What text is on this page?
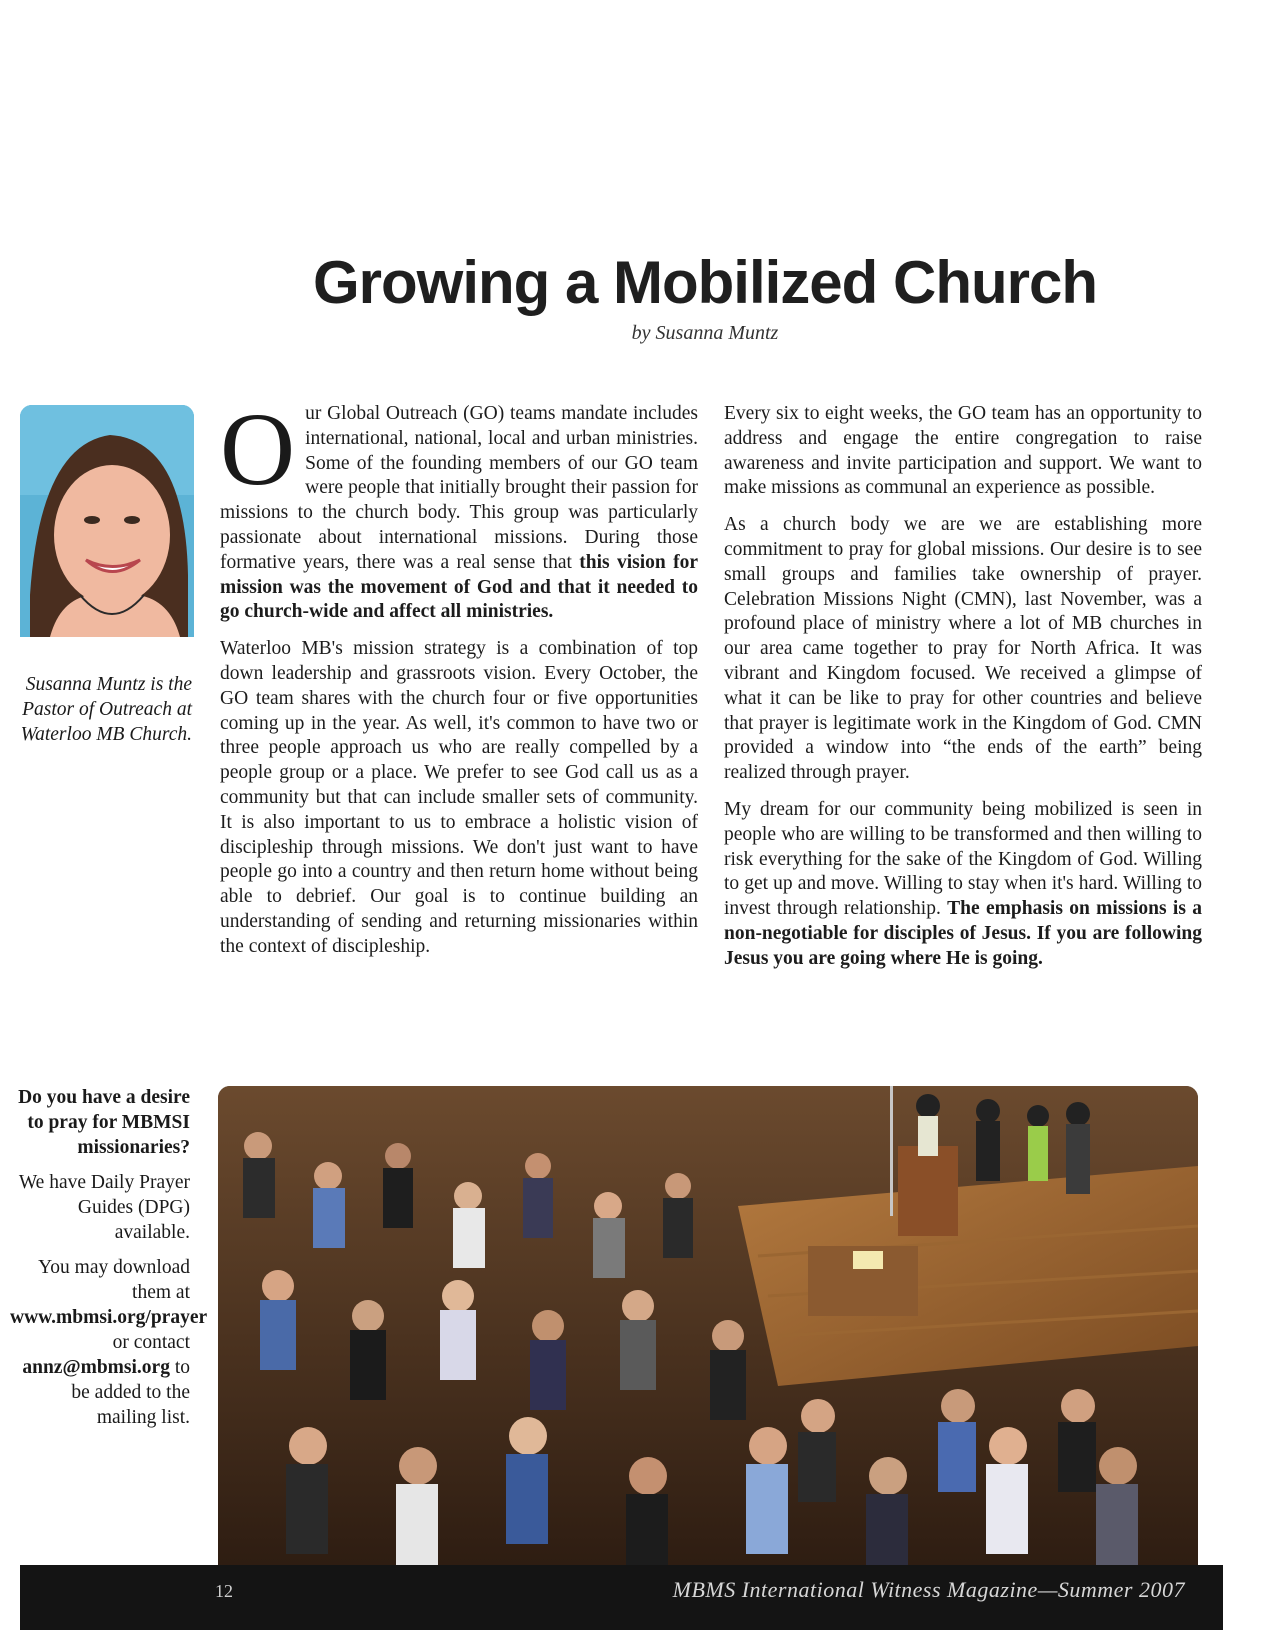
Growing a Mobilized Church
by Susanna Muntz
Susanna Muntz is the Pastor of Outreach at Waterloo MB Church.

Our Global Outreach (GO) teams mandate includes international, national, local and urban ministries. Some of the founding members of our GO team were people that initially brought their passion for missions to the church body. This group was particularly passionate about international missions. During those formative years, there was a real sense that this vision for mission was the movement of God and that it needed to go church-wide and affect all ministries.

Waterloo MB's mission strategy is a combination of top down leadership and grassroots vision. Every October, the GO team shares with the church four or five opportunities coming up in the year. As well, it's common to have two or three people approach us who are really compelled by a people group or a place. We prefer to see God call us as a community but that can include smaller sets of community. It is also important to us to embrace a holistic vision of discipleship through missions. We don't just want to have people go into a country and then return home without being able to debrief. Our goal is to continue building an understanding of sending and returning missionaries within the context of discipleship.

Every six to eight weeks, the GO team has an opportunity to address and engage the entire congregation to raise awareness and invite participation and support. We want to make missions as communal an experience as possible.

As a church body we are we are establishing more commitment to pray for global missions. Our desire is to see small groups and families take ownership of prayer. Celebration Missions Night (CMN), last November, was a profound place of ministry where a lot of MB churches in our area came together to pray for North Africa. It was vibrant and Kingdom focused. We received a glimpse of what it can be like to pray for other countries and believe that prayer is legitimate work in the Kingdom of God. CMN provided a window into “the ends of the earth” being realized through prayer.

My dream for our community being mobilized is seen in people who are willing to be transformed and then willing to risk everything for the sake of the Kingdom of God. Willing to get up and move. Willing to stay when it's hard. Willing to invest through relationship. The emphasis on missions is a non-negotiable for disciples of Jesus. If you are following Jesus you are going where He is going.

Do you have a desire to pray for MBMSI missionaries?

We have Daily Prayer Guides (DPG) available.

You may download them at www.mbmsi.org/prayer or contact annz@mbmsi.org to be added to the mailing list.

12	MBMS International Witness Magazine—Summer 2007
